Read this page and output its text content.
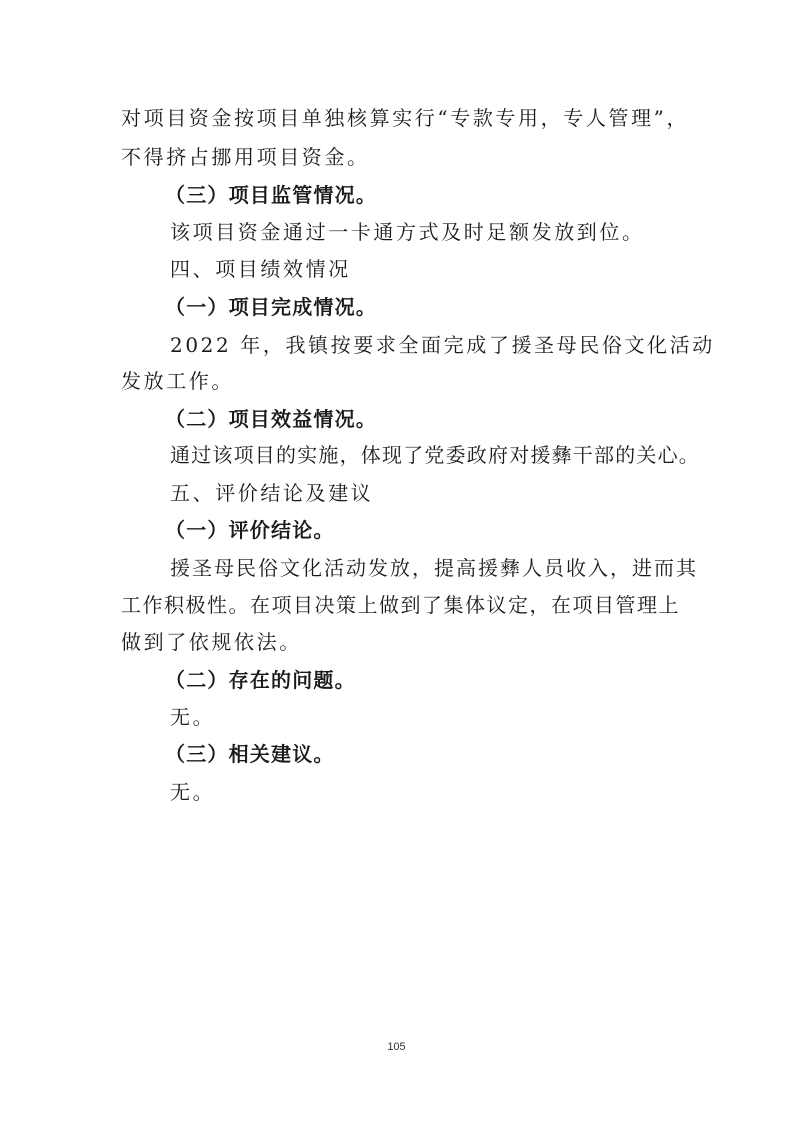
对项目资金按项目单独核算实行“专款专用，专人管理”，
不得挤占挪用项目资金。
（三）项目监管情况。
该项目资金通过一卡通方式及时足额发放到位。
四、项目绩效情况
（一）项目完成情况。
2022 年，我镇按要求全面完成了援圣母民俗文化活动
发放工作。
（二）项目效益情况。
通过该项目的实施，体现了党委政府对援彝干部的关心。
五、评价结论及建议
（一）评价结论。
援圣母民俗文化活动发放，提高援彝人员收入，进而其
工作积极性。在项目决策上做到了集体议定，在项目管理上
做到了依规依法。
（二）存在的问题。
无。
（三）相关建议。
无。
105
